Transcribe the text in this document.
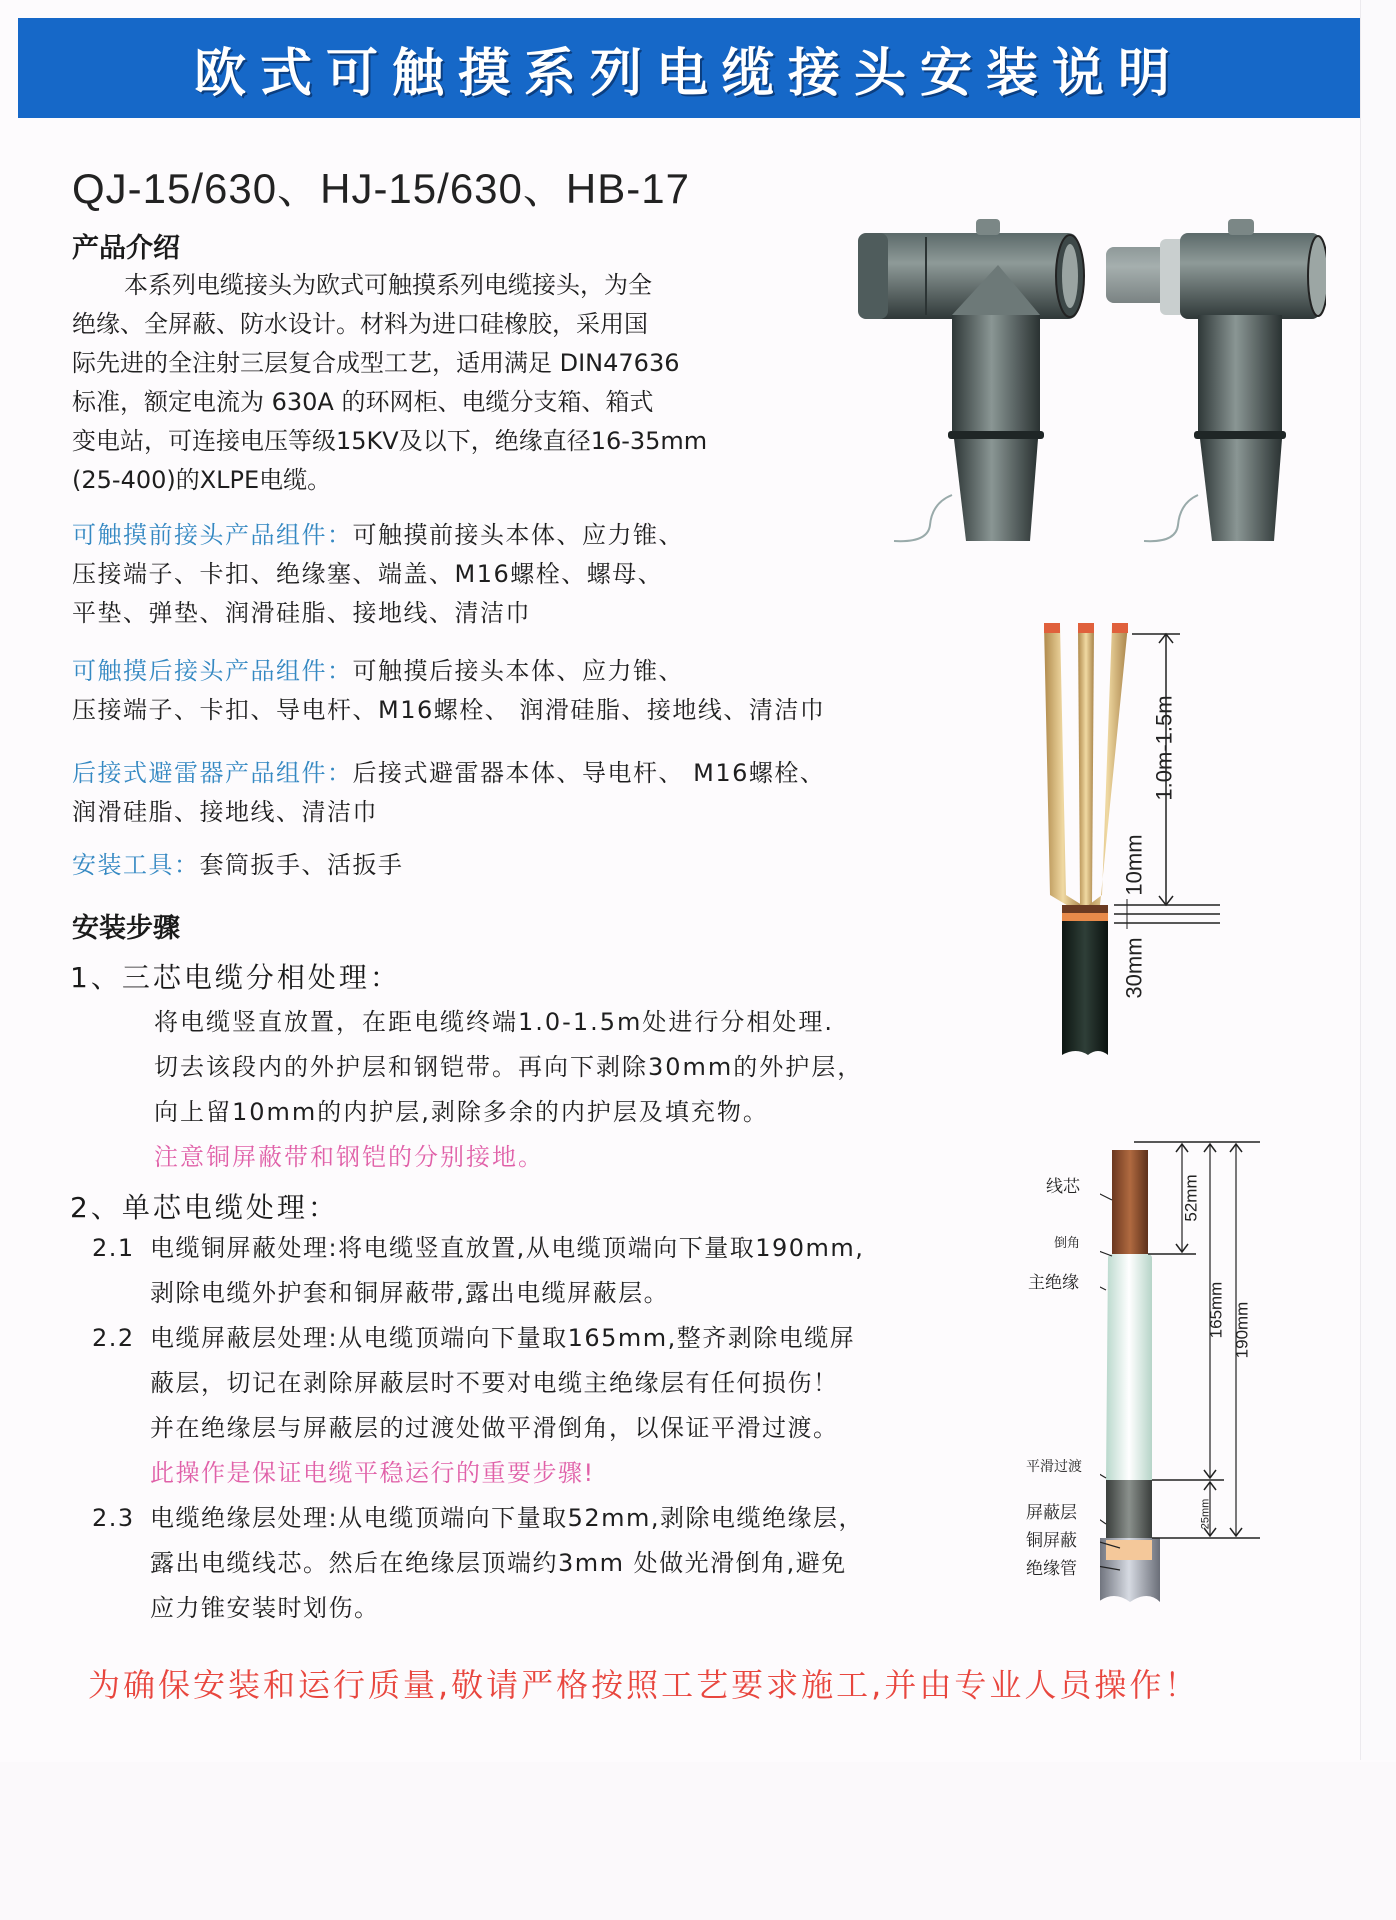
欧式可触摸系列电缆接头安装说明
QJ-15/630、HJ-15/630、HB-17
产品介绍
本系列电缆接头为欧式可触摸系列电缆接头，为全
绝缘、全屏蔽、防水设计。材料为进口硅橡胶，采用国
际先进的全注射三层复合成型工艺，适用满足 DIN47636
标准，额定电流为 630A 的环网柜、电缆分支箱、箱式
变电站，可连接电压等级15KV及以下，绝缘直径16-35mm
(25-400)的XLPE电缆。
可触摸前接头产品组件：可触摸前接头本体、应力锥、
压接端子、卡扣、绝缘塞、端盖、M16螺栓、螺母、
平垫、弹垫、润滑硅脂、接地线、清洁巾
可触摸后接头产品组件：可触摸后接头本体、应力锥、
压接端子、卡扣、导电杆、M16螺栓、 润滑硅脂、接地线、清洁巾
后接式避雷器产品组件：后接式避雷器本体、导电杆、 M16螺栓、
润滑硅脂、接地线、清洁巾
安装工具：套筒扳手、活扳手
安装步骤
1、三芯电缆分相处理：
将电缆竖直放置，在距电缆终端1.0-1.5m处进行分相处理.
切去该段内的外护层和钢铠带。再向下剥除30mm的外护层，
向上留10mm的内护层,剥除多余的内护层及填充物。
注意铜屏蔽带和钢铠的分别接地。
2、单芯电缆处理：
2.1 电缆铜屏蔽处理:将电缆竖直放置,从电缆顶端向下量取190mm,
剥除电缆外护套和铜屏蔽带,露出电缆屏蔽层。
2.2 电缆屏蔽层处理:从电缆顶端向下量取165mm,整齐剥除电缆屏
蔽层，切记在剥除屏蔽层时不要对电缆主绝缘层有任何损伤！
并在绝缘层与屏蔽层的过渡处做平滑倒角，以保证平滑过渡。
此操作是保证电缆平稳运行的重要步骤!
2.3 电缆绝缘层处理:从电缆顶端向下量取52mm,剥除电缆绝缘层，
露出电缆线芯。然后在绝缘层顶端约3mm 处做光滑倒角,避免
应力锥安装时划伤。
为确保安装和运行质量,敬请严格按照工艺要求施工,并由专业人员操作！
1.0m-1.5m
10mm
30mm
线芯
倒角
主绝缘
平滑过渡
屏蔽层
铜屏蔽
绝缘管
52mm
165mm 190mm
25mm
